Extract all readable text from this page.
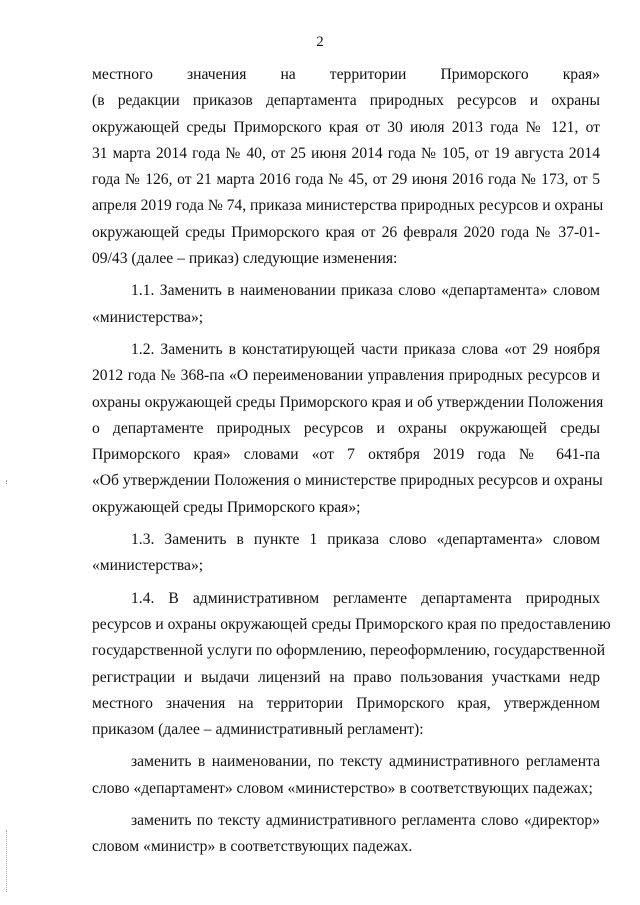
2
местного значения на территории Приморского края»
(в редакции приказов департамента природных ресурсов и охраны
окружающей среды Приморского края от 30 июля 2013 года № 121, от
31 марта 2014 года № 40, от 25 июня 2014 года № 105, от 19 августа 2014
года № 126, от 21 марта 2016 года № 45, от 29 июня 2016 года № 173, от 5
апреля 2019 года № 74, приказа министерства природных ресурсов и охраны
окружающей среды Приморского края от 26 февраля 2020 года № 37-01-
09/43 (далее – приказ) следующие изменения:
1.1. Заменить в наименовании приказа слово «департамента» словом
«министерства»;
1.2. Заменить в констатирующей части приказа слова «от 29 ноября
2012 года № 368-па «О переименовании управления природных ресурсов и
охраны окружающей среды Приморского края и об утверждении Положения
о департаменте природных ресурсов и охраны окружающей среды
Приморского края» словами «от 7 октября 2019 года № 641-па
«Об утверждении Положения о министерстве природных ресурсов и охраны
окружающей среды Приморского края»;
1.3. Заменить в пункте 1 приказа слово «департамента» словом
«министерства»;
1.4. В административном регламенте департамента природных
ресурсов и охраны окружающей среды Приморского края по предоставлению
государственной услуги по оформлению, переоформлению, государственной
регистрации и выдачи лицензий на право пользования участками недр
местного значения на территории Приморского края, утвержденном
приказом (далее – административный регламент):
заменить в наименовании, по тексту административного регламента
слово «департамент» словом «министерство» в соответствующих падежах;
заменить по тексту административного регламента слово «директор»
словом «министр» в соответствующих падежах.
